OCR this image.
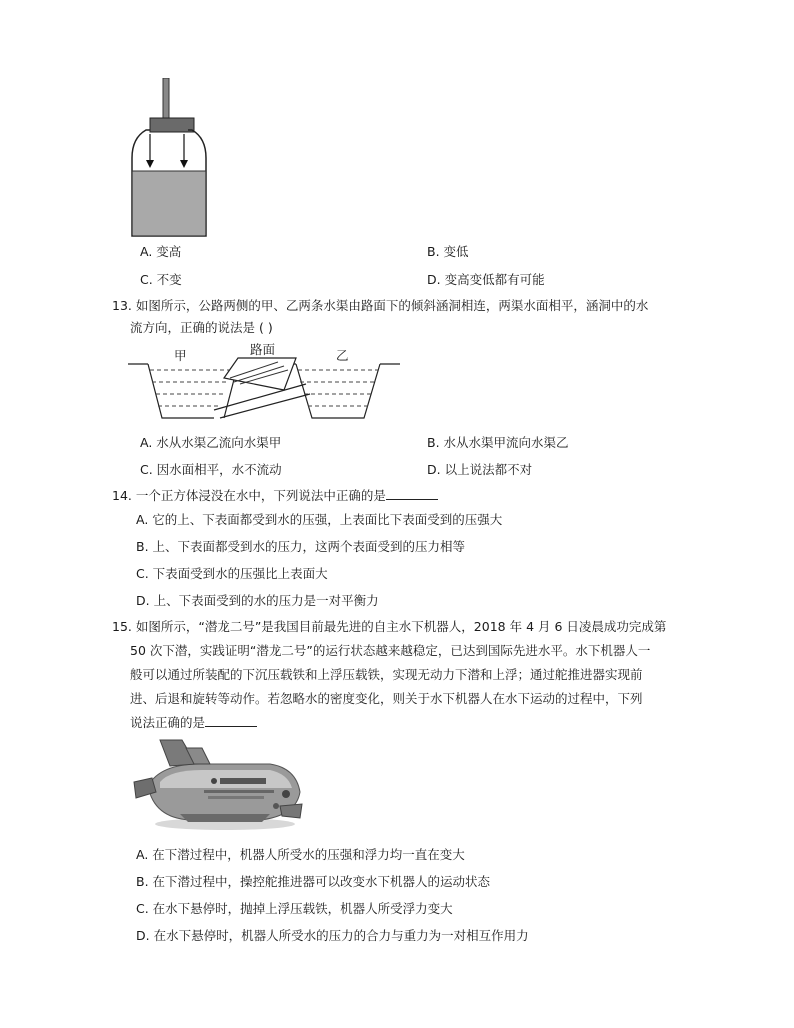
A. 变高	B. 变低
C. 不变	D. 变高变低都有可能
13. 如图所示，公路两侧的甲、乙两条水渠由路面下的倾斜涵洞相连，两渠水面相平，涵洞中的水
流方向，正确的说法是 ( )
甲	路面	乙
A. 水从水渠乙流向水渠甲	B. 水从水渠甲流向水渠乙
C. 因水面相平，水不流动	D. 以上说法都不对
14. 一个正方体浸没在水中，下列说法中正确的是
A. 它的上、下表面都受到水的压强，上表面比下表面受到的压强大
B. 上、下表面都受到水的压力，这两个表面受到的压力相等
C. 下表面受到水的压强比上表面大
D. 上、下表面受到的水的压力是一对平衡力
15. 如图所示，“潜龙二号”是我国目前最先进的自主水下机器人，2018 年 4 月 6 日凌晨成功完成第
50 次下潜，实践证明“潜龙二号”的运行状态越来越稳定，已达到国际先进水平。水下机器人一
般可以通过所装配的下沉压载铁和上浮压载铁，实现无动力下潜和上浮；通过舵推进器实现前
进、后退和旋转等动作。若忽略水的密度变化，则关于水下机器人在水下运动的过程中，下列
说法正确的是
A. 在下潜过程中，机器人所受水的压强和浮力均一直在变大
B. 在下潜过程中，操控舵推进器可以改变水下机器人的运动状态
C. 在水下悬停时，抛掉上浮压载铁，机器人所受浮力变大
D. 在水下悬停时，机器人所受水的压力的合力与重力为一对相互作用力
